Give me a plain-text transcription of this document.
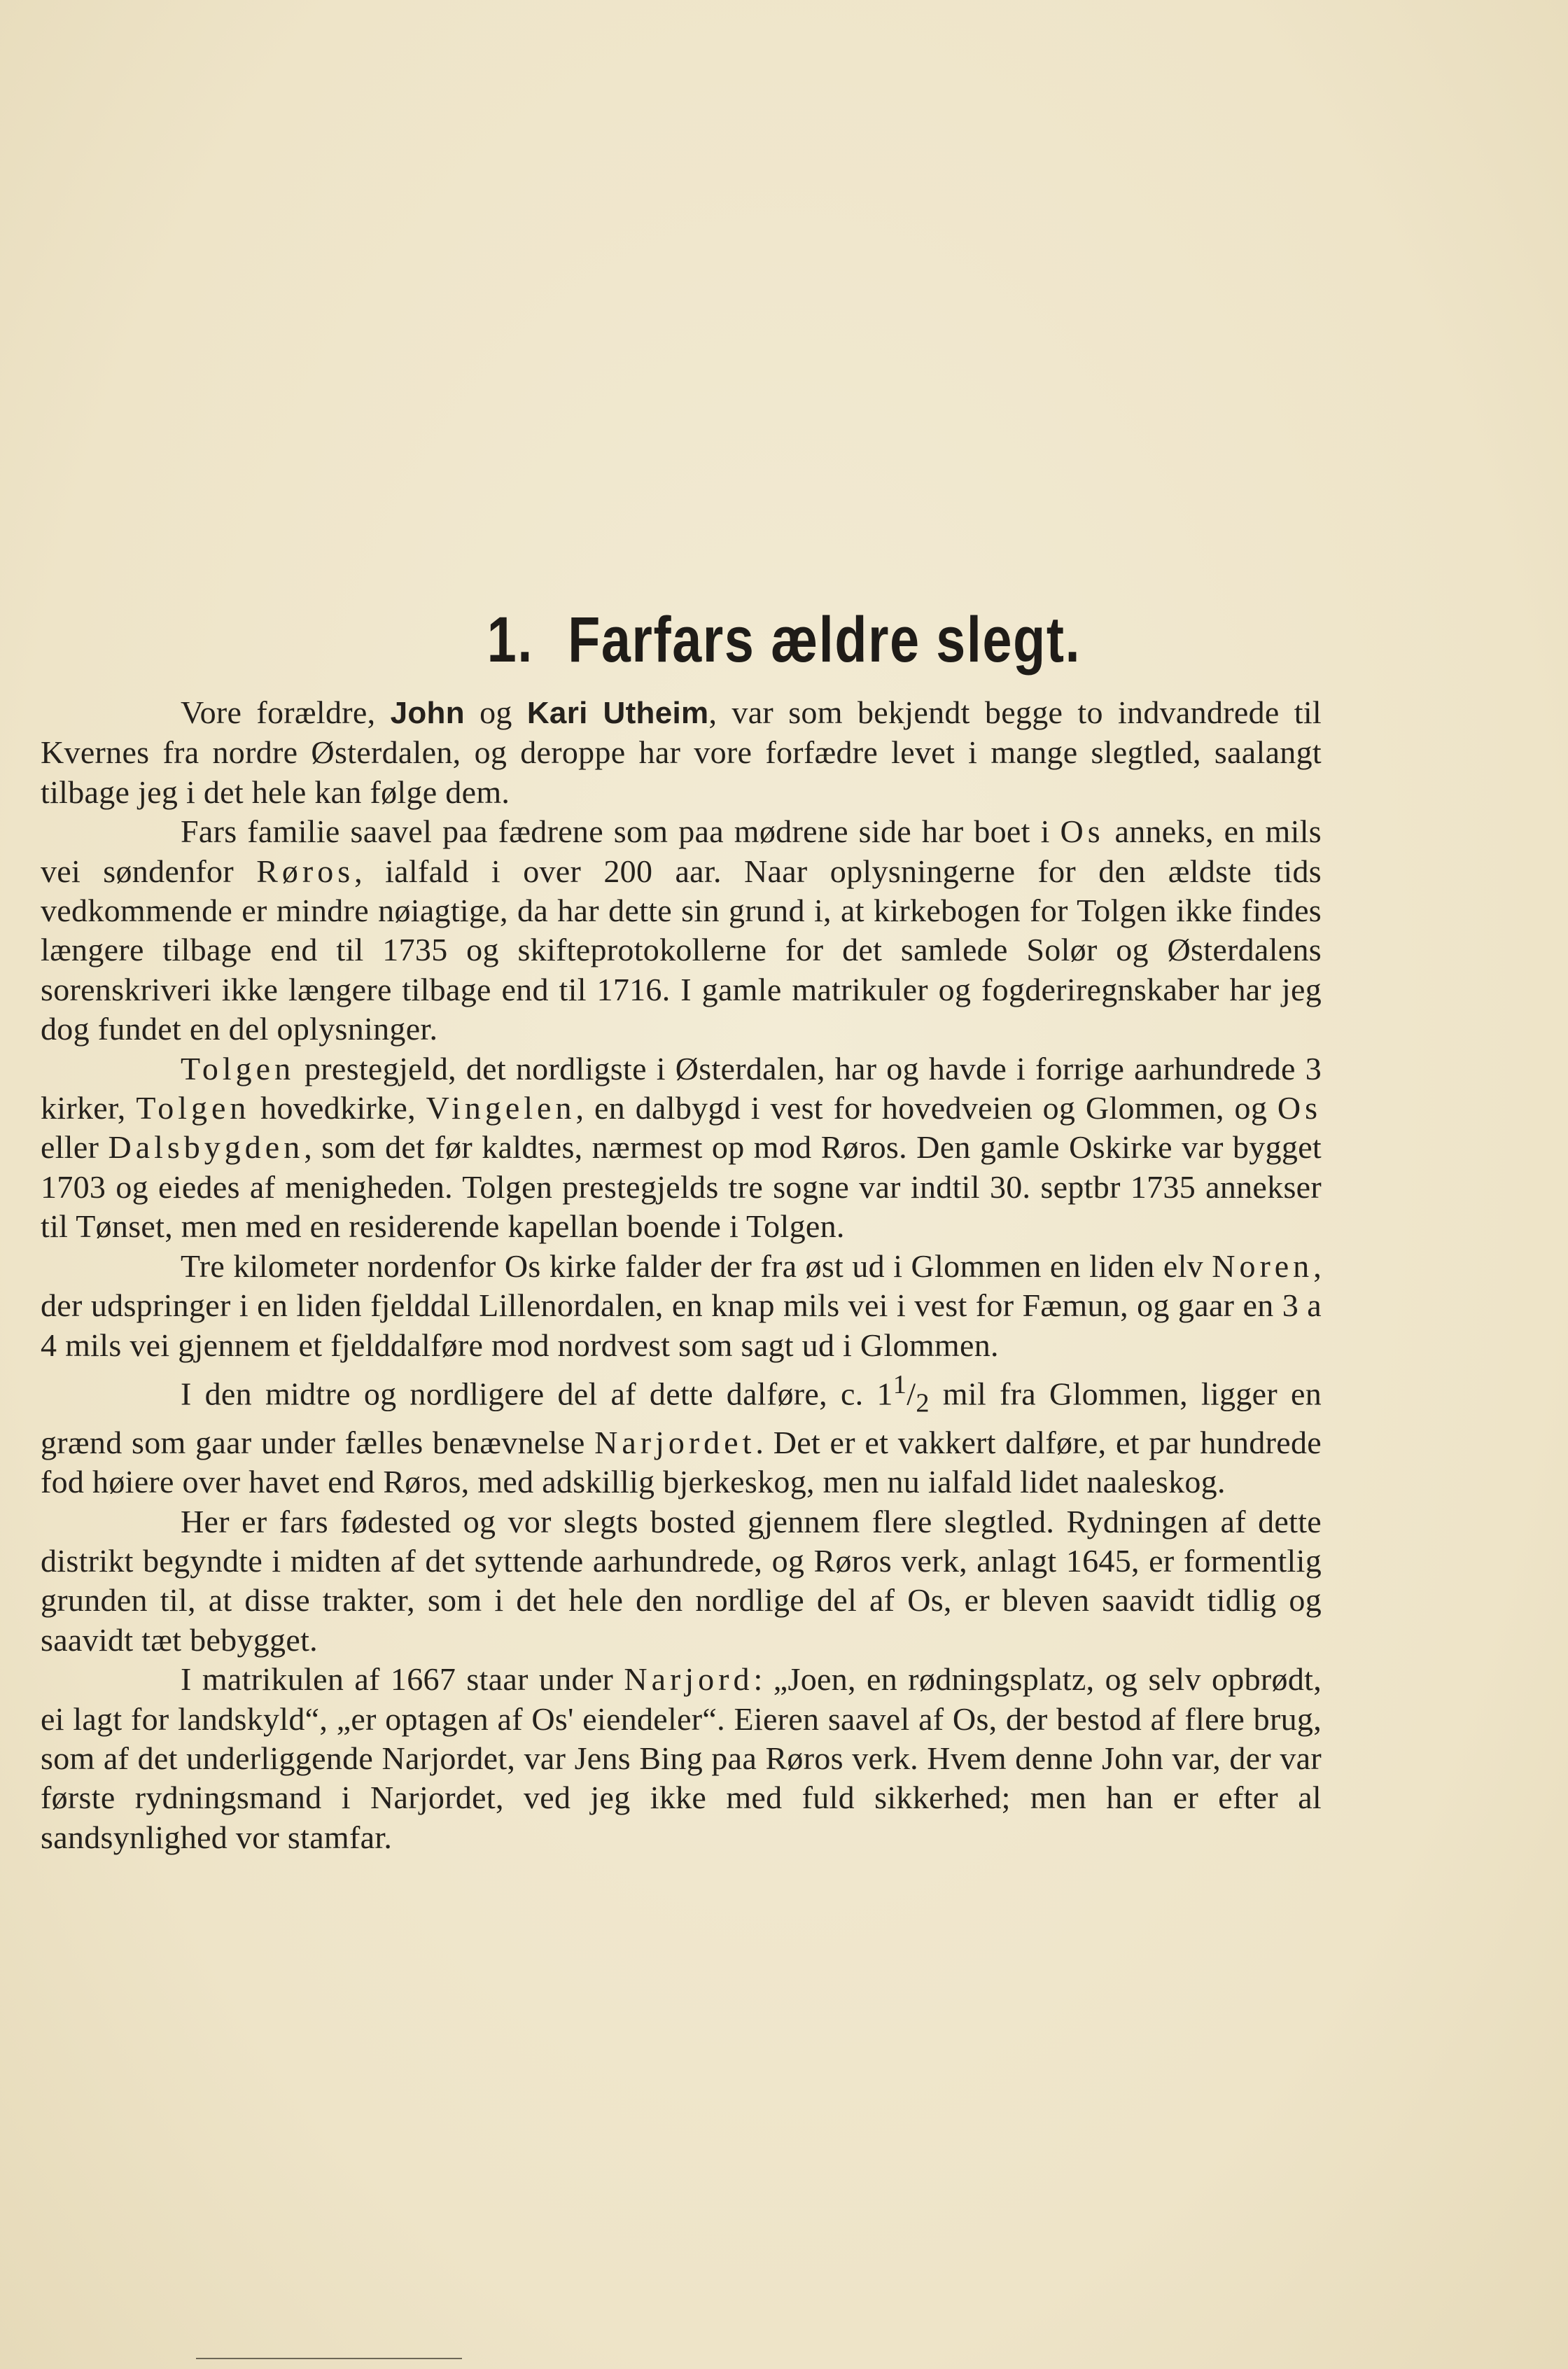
1. Farfars ældre slegt.

Vore forældre, John og Kari Utheim, var som bekjendt begge to indvandrede til Kvernes fra nordre Østerdalen, og deroppe har vore forfædre levet i mange slegtled, saalangt tilbage jeg i det hele kan følge dem.

Fars familie saavel paa fædrene som paa mødrene side har boet i Os anneks, en mils vei søndenfor Røros, ialfald i over 200 aar. Naar oplysningerne for den ældste tids vedkommende er mindre nøiagtige, da har dette sin grund i, at kirkebogen for Tolgen ikke findes længere tilbage end til 1735 og skifteprotokollerne for det samlede Solør og Østerdalens sorenskriveri ikke længere tilbage end til 1716. I gamle matrikuler og fogderiregnskaber har jeg dog fundet en del oplysninger.

Tolgen prestegjeld, det nordligste i Østerdalen, har og havde i forrige aarhundrede 3 kirker, Tolgen hovedkirke, Vingelen, en dalbygd i vest for hovedveien og Glommen, og Os eller Dalsbygden, som det før kaldtes, nærmest op mod Røros. Den gamle Oskirke var bygget 1703 og eiedes af menigheden. Tolgen prestegjelds tre sogne var indtil 30. septbr 1735 annekser til Tønset, men med en residerende kapellan boende i Tolgen.

Tre kilometer nordenfor Os kirke falder der fra øst ud i Glommen en liden elv Noren, der udspringer i en liden fjelddal Lillenordalen, en knap mils vei i vest for Fæmun, og gaar en 3 a 4 mils vei gjennem et fjelddalføre mod nordvest som sagt ud i Glommen.

I den midtre og nordligere del af dette dalføre, c. $1^1/_2$ mil fra Glommen, ligger en grænd som gaar under fælles benævnelse Narjordet. Det er et vakkert dalføre, et par hundrede fod høiere over havet end Røros, med adskillig bjerkeskog, men nu ialfald lidet naaleskog.

Her er fars fødested og vor slegts bosted gjennem flere slegtled. Rydningen af dette distrikt begyndte i midten af det syttende aarhundrede, og Røros verk, anlagt 1645, er formentlig grunden til, at disse trakter, som i det hele den nordlige del af Os, er bleven saavidt tidlig og saavidt tæt bebygget.

I matrikulen af 1667 staar under Narjord: „Joen, en rødningsplatz, og selv opbrødt, ei lagt for landskyld“, „er optagen af Os' eiendeler“. Eieren saavel af Os, der bestod af flere brug, som af det underliggende Narjordet, var Jens Bing paa Røros verk. Hvem denne John var, der var første rydningsmand i Narjordet, ved jeg ikke med fuld sikkerhed; men han er efter al sandsynlighed vor stamfar.
